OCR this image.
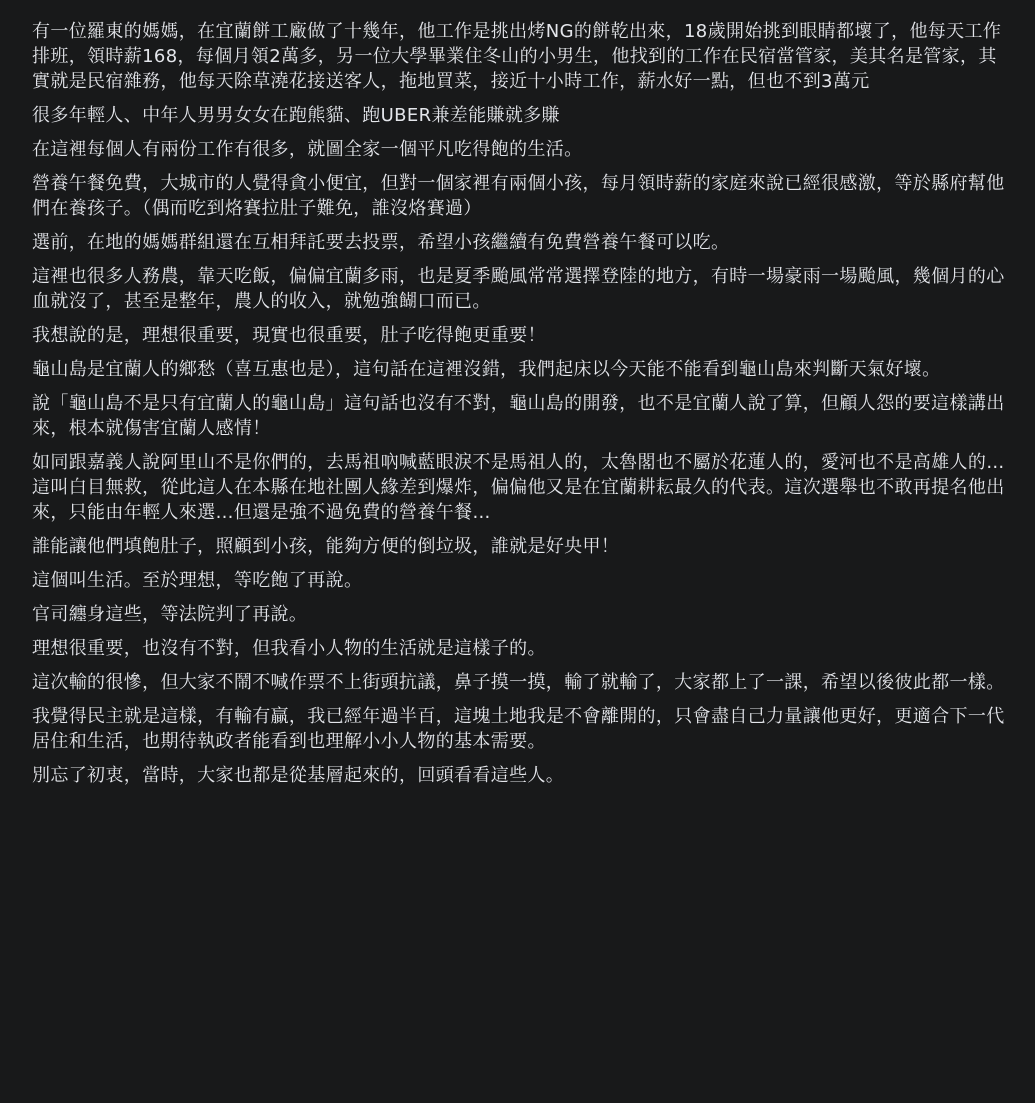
有一位羅東的媽媽，在宜蘭餅工廠做了十幾年，他工作是挑出烤NG的餅乾出來，18歲開始挑到眼睛都壞了，他每天工作排班，領時薪168，每個月領2萬多，另一位大學畢業住冬山的小男生，他找到的工作在民宿當管家，美其名是管家，其實就是民宿雜務，他每天除草澆花接送客人，拖地買菜，接近十小時工作，薪水好一點，但也不到3萬元

很多年輕人、中年人男男女女在跑熊貓、跑UBER兼差能賺就多賺

在這裡每個人有兩份工作有很多，就圖全家一個平凡吃得飽的生活。

營養午餐免費，大城市的人覺得貪小便宜，但對一個家裡有兩個小孩，每月領時薪的家庭來說已經很感激，等於縣府幫他們在養孩子。（偶而吃到烙賽拉肚子難免，誰沒烙賽過）

選前，在地的媽媽群組還在互相拜託要去投票，希望小孩繼續有免費營養午餐可以吃。

這裡也很多人務農，靠天吃飯，偏偏宜蘭多雨，也是夏季颱風常常選擇登陸的地方，有時一場豪雨一場颱風，幾個月的心血就沒了，甚至是整年，農人的收入，就勉強餬口而已。

我想說的是，理想很重要，現實也很重要，肚子吃得飽更重要！

龜山島是宜蘭人的鄉愁（喜互惠也是），這句話在這裡沒錯，我們起床以今天能不能看到龜山島來判斷天氣好壞。

說「龜山島不是只有宜蘭人的龜山島」這句話也沒有不對，龜山島的開發，也不是宜蘭人說了算，但顧人怨的要這樣講出來，根本就傷害宜蘭人感情！

如同跟嘉義人說阿里山不是你們的，去馬祖吶喊藍眼淚不是馬祖人的，太魯閣也不屬於花蓮人的，愛河也不是高雄人的…這叫白目無救，從此這人在本縣在地社團人緣差到爆炸，偏偏他又是在宜蘭耕耘最久的代表。這次選舉也不敢再提名他出來，只能由年輕人來選…但還是強不過免費的營養午餐…

誰能讓他們填飽肚子，照顧到小孩，能夠方便的倒垃圾，誰就是好央甲！

這個叫生活。至於理想，等吃飽了再說。

官司纏身這些，等法院判了再說。

理想很重要，也沒有不對，但我看小人物的生活就是這樣子的。

這次輸的很慘，但大家不鬧不喊作票不上街頭抗議，鼻子摸一摸，輸了就輸了，大家都上了一課，希望以後彼此都一樣。

我覺得民主就是這樣，有輸有贏，我已經年過半百，這塊土地我是不會離開的，只會盡自己力量讓他更好，更適合下一代居住和生活，也期待執政者能看到也理解小小人物的基本需要。

別忘了初衷，當時，大家也都是從基層起來的，回頭看看這些人。
